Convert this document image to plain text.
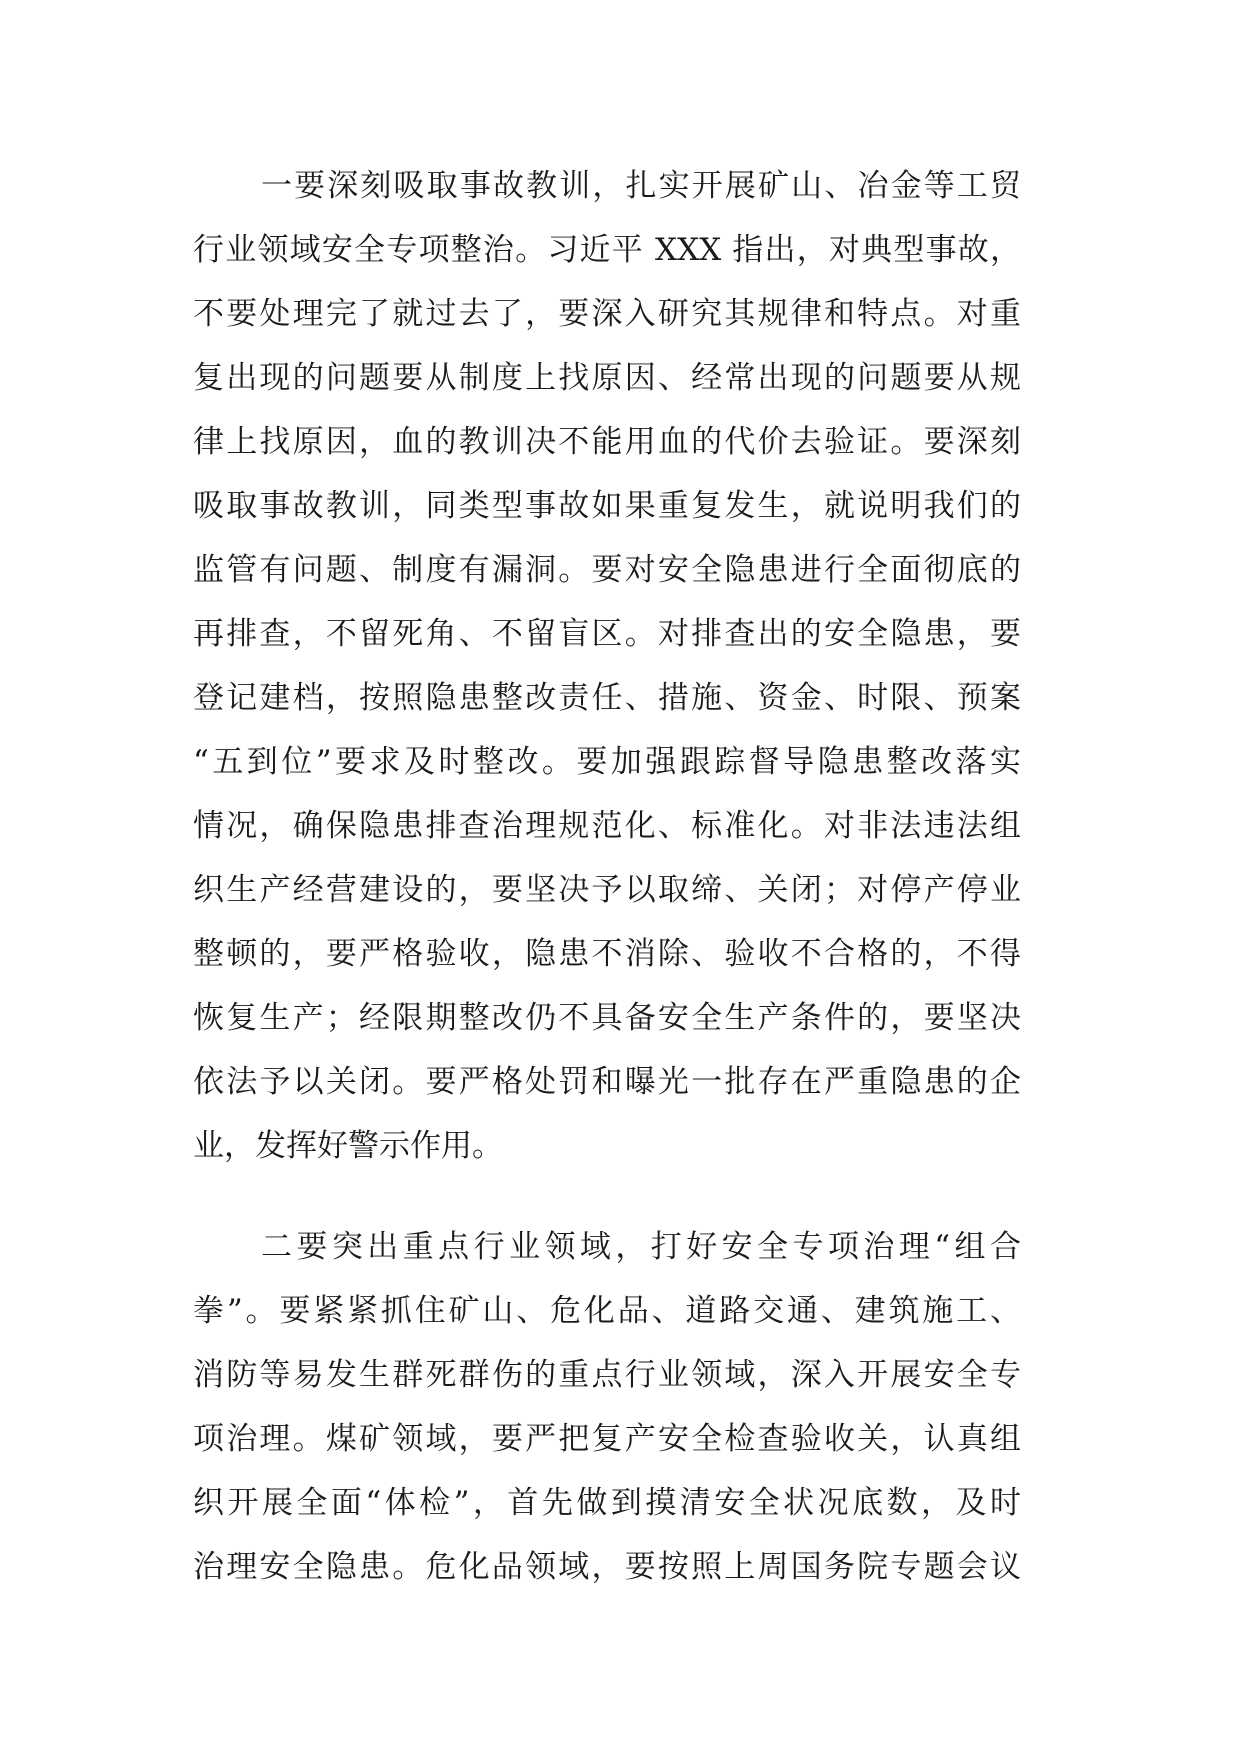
一要深刻吸取事故教训，扎实开展矿山、冶金等工贸
行业领域安全专项整治。习近平 XXX 指出，对典型事故，
不要处理完了就过去了，要深入研究其规律和特点。对重
复出现的问题要从制度上找原因、经常出现的问题要从规
律上找原因，血的教训决不能用血的代价去验证。要深刻
吸取事故教训，同类型事故如果重复发生，就说明我们的
监管有问题、制度有漏洞。要对安全隐患进行全面彻底的
再排查，不留死角、不留盲区。对排查出的安全隐患，要
登记建档，按照隐患整改责任、措施、资金、时限、预案
“五到位”要求及时整改。要加强跟踪督导隐患整改落实
情况，确保隐患排查治理规范化、标准化。对非法违法组
织生产经营建设的，要坚决予以取缔、关闭；对停产停业
整顿的，要严格验收，隐患不消除、验收不合格的，不得
恢复生产；经限期整改仍不具备安全生产条件的，要坚决
依法予以关闭。要严格处罚和曝光一批存在严重隐患的企
业，发挥好警示作用。
二要突出重点行业领域，打好安全专项治理“组合
拳”。要紧紧抓住矿山、危化品、道路交通、建筑施工、
消防等易发生群死群伤的重点行业领域，深入开展安全专
项治理。煤矿领域，要严把复产安全检查验收关，认真组
织开展全面“体检”，首先做到摸清安全状况底数，及时
治理安全隐患。危化品领域，要按照上周国务院专题会议
